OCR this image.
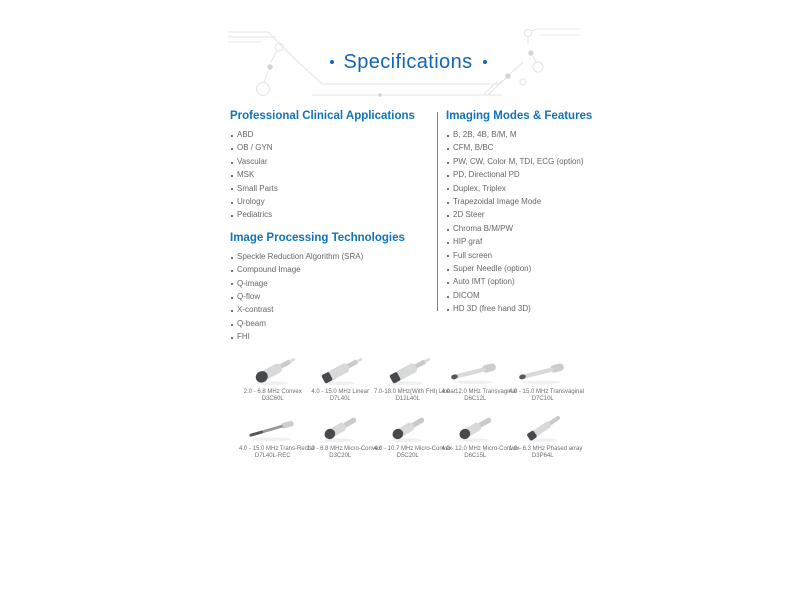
Specifications
Professional Clinical Applications
ABD
OB / GYN
Vascular
MSK
Small Parts
Urology
Pediatrics
Image Processing Technologies
Speckle Reduction Algorithm (SRA)
Compound Image
Q-image
Q-flow
X-contrast
Q-beam
FHI
Imaging Modes & Features
B, 2B, 4B, B/M, M
CFM, B/BC
PW, CW, Color M, TDI, ECG (option)
PD, Directional PD
Duplex, Triplex
Trapezoidal Image Mode
2D Steer
Chroma B/M/PW
HIP graf
Full screen
Super Needle (option)
Auto IMT (option)
DICOM
HD 3D (free hand 3D)
2.0 - 6.8 MHz Convex
D3C60L
4.0 - 15.0 MHz Linear
D7L40L
7.0-18.0 MHz(With FHI) Linear
D12L40L
4.0 - 12.0 MHz Transvaginal
D6C12L
4.0 - 15.0 MHz Transvaginal
D7C10L
4.0 - 15.0 MHz Trans-Rectal
D7L40L-REC
2.0 - 6.8 MHz Micro-Convex
D3C20L
4.0 - 10.7 MHz Micro-Convex
D5C20L
4.0 - 12.0 MHz Micro-Convex
D6C15L
1.9 - 6.3 MHz Phased array
D3P64L
